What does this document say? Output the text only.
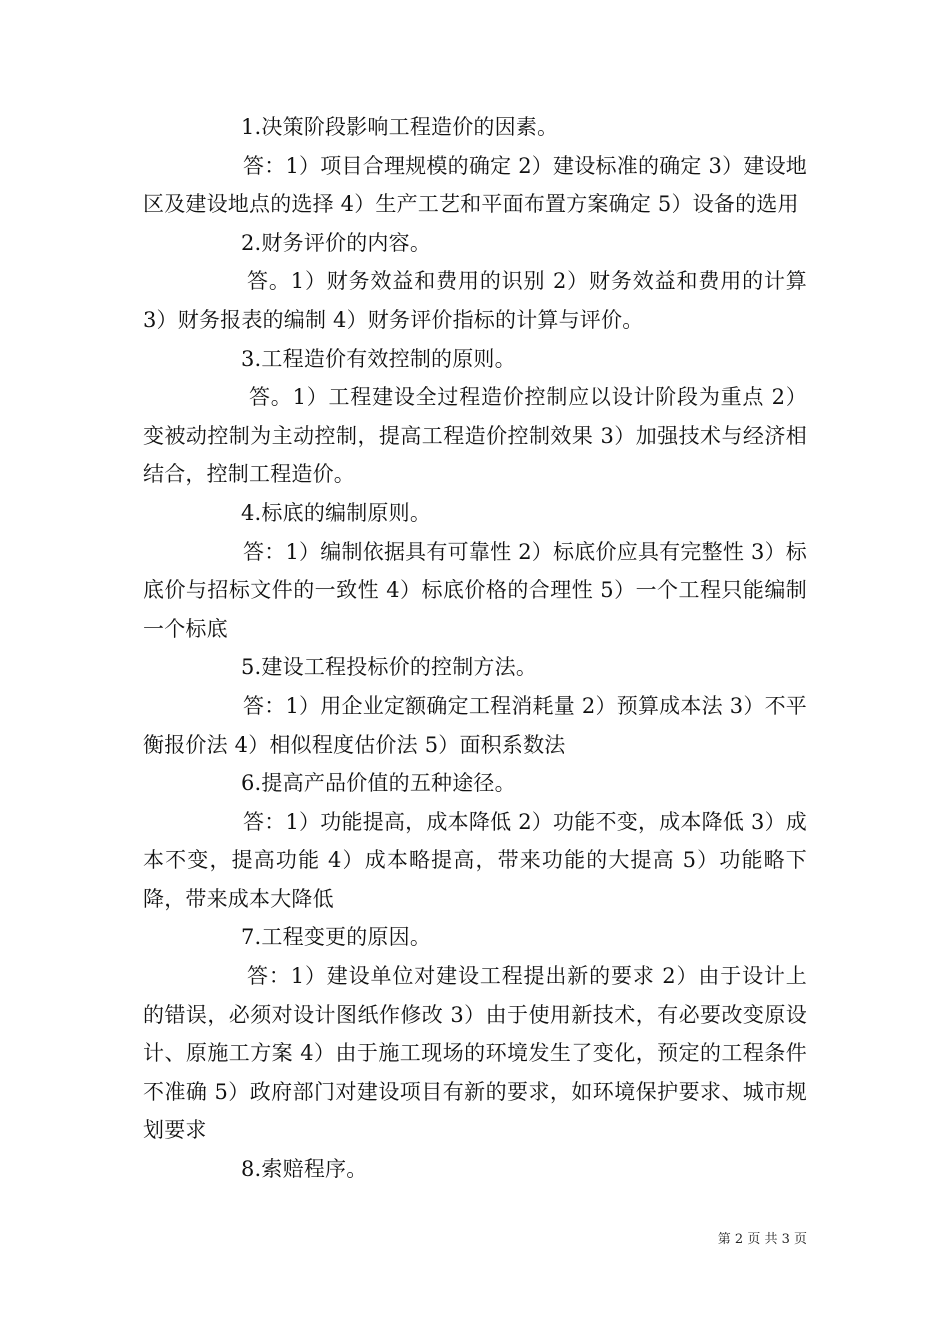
1.决策阶段影响工程造价的因素。

答：1）项目合理规模的确定 2）建设标准的确定 3）建设地区及建设地点的选择 4）生产工艺和平面布置方案确定 5）设备的选用

2.财务评价的内容。

答。1）财务效益和费用的识别 2）财务效益和费用的计算 3）财务报表的编制 4）财务评价指标的计算与评价。

3.工程造价有效控制的原则。

答。1）工程建设全过程造价控制应以设计阶段为重点 2）变被动控制为主动控制，提高工程造价控制效果 3）加强技术与经济相结合，控制工程造价。

4.标底的编制原则。

答：1）编制依据具有可靠性 2）标底价应具有完整性 3）标底价与招标文件的一致性 4）标底价格的合理性 5）一个工程只能编制一个标底

5.建设工程投标价的控制方法。

答：1）用企业定额确定工程消耗量 2）预算成本法 3）不平衡报价法 4）相似程度估价法 5）面积系数法

6.提高产品价值的五种途径。

答：1）功能提高，成本降低 2）功能不变，成本降低 3）成本不变，提高功能 4）成本略提高，带来功能的大提高 5）功能略下降，带来成本大降低

7.工程变更的原因。

答：1）建设单位对建设工程提出新的要求 2）由于设计上的错误，必须对设计图纸作修改 3）由于使用新技术，有必要改变原设计、原施工方案 4）由于施工现场的环境发生了变化，预定的工程条件不准确 5）政府部门对建设项目有新的要求，如环境保护要求、城市规划要求

8.索赔程序。

第 2 页 共 3 页
